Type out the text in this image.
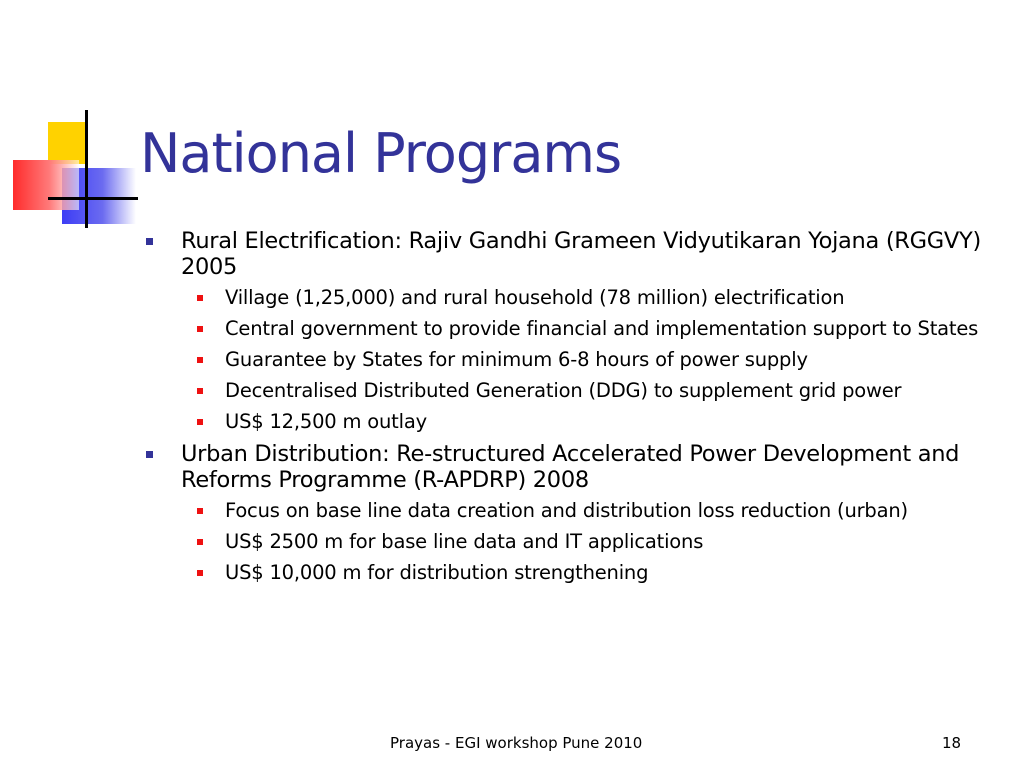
National Programs
Rural Electrification: Rajiv Gandhi Grameen Vidyutikaran Yojana (RGGVY) 2005
Village (1,25,000) and rural household (78 million) electrification
Central government to provide financial and implementation support to States
Guarantee by States for minimum 6-8 hours of power supply
Decentralised Distributed Generation (DDG) to supplement grid power
US$ 12,500 m outlay
Urban Distribution: Re-structured Accelerated Power Development and Reforms Programme (R-APDRP) 2008
Focus on base line data creation and distribution loss reduction (urban)
US$ 2500 m for base line data and IT applications
US$ 10,000 m for distribution strengthening
Prayas - EGI workshop Pune 2010	18
